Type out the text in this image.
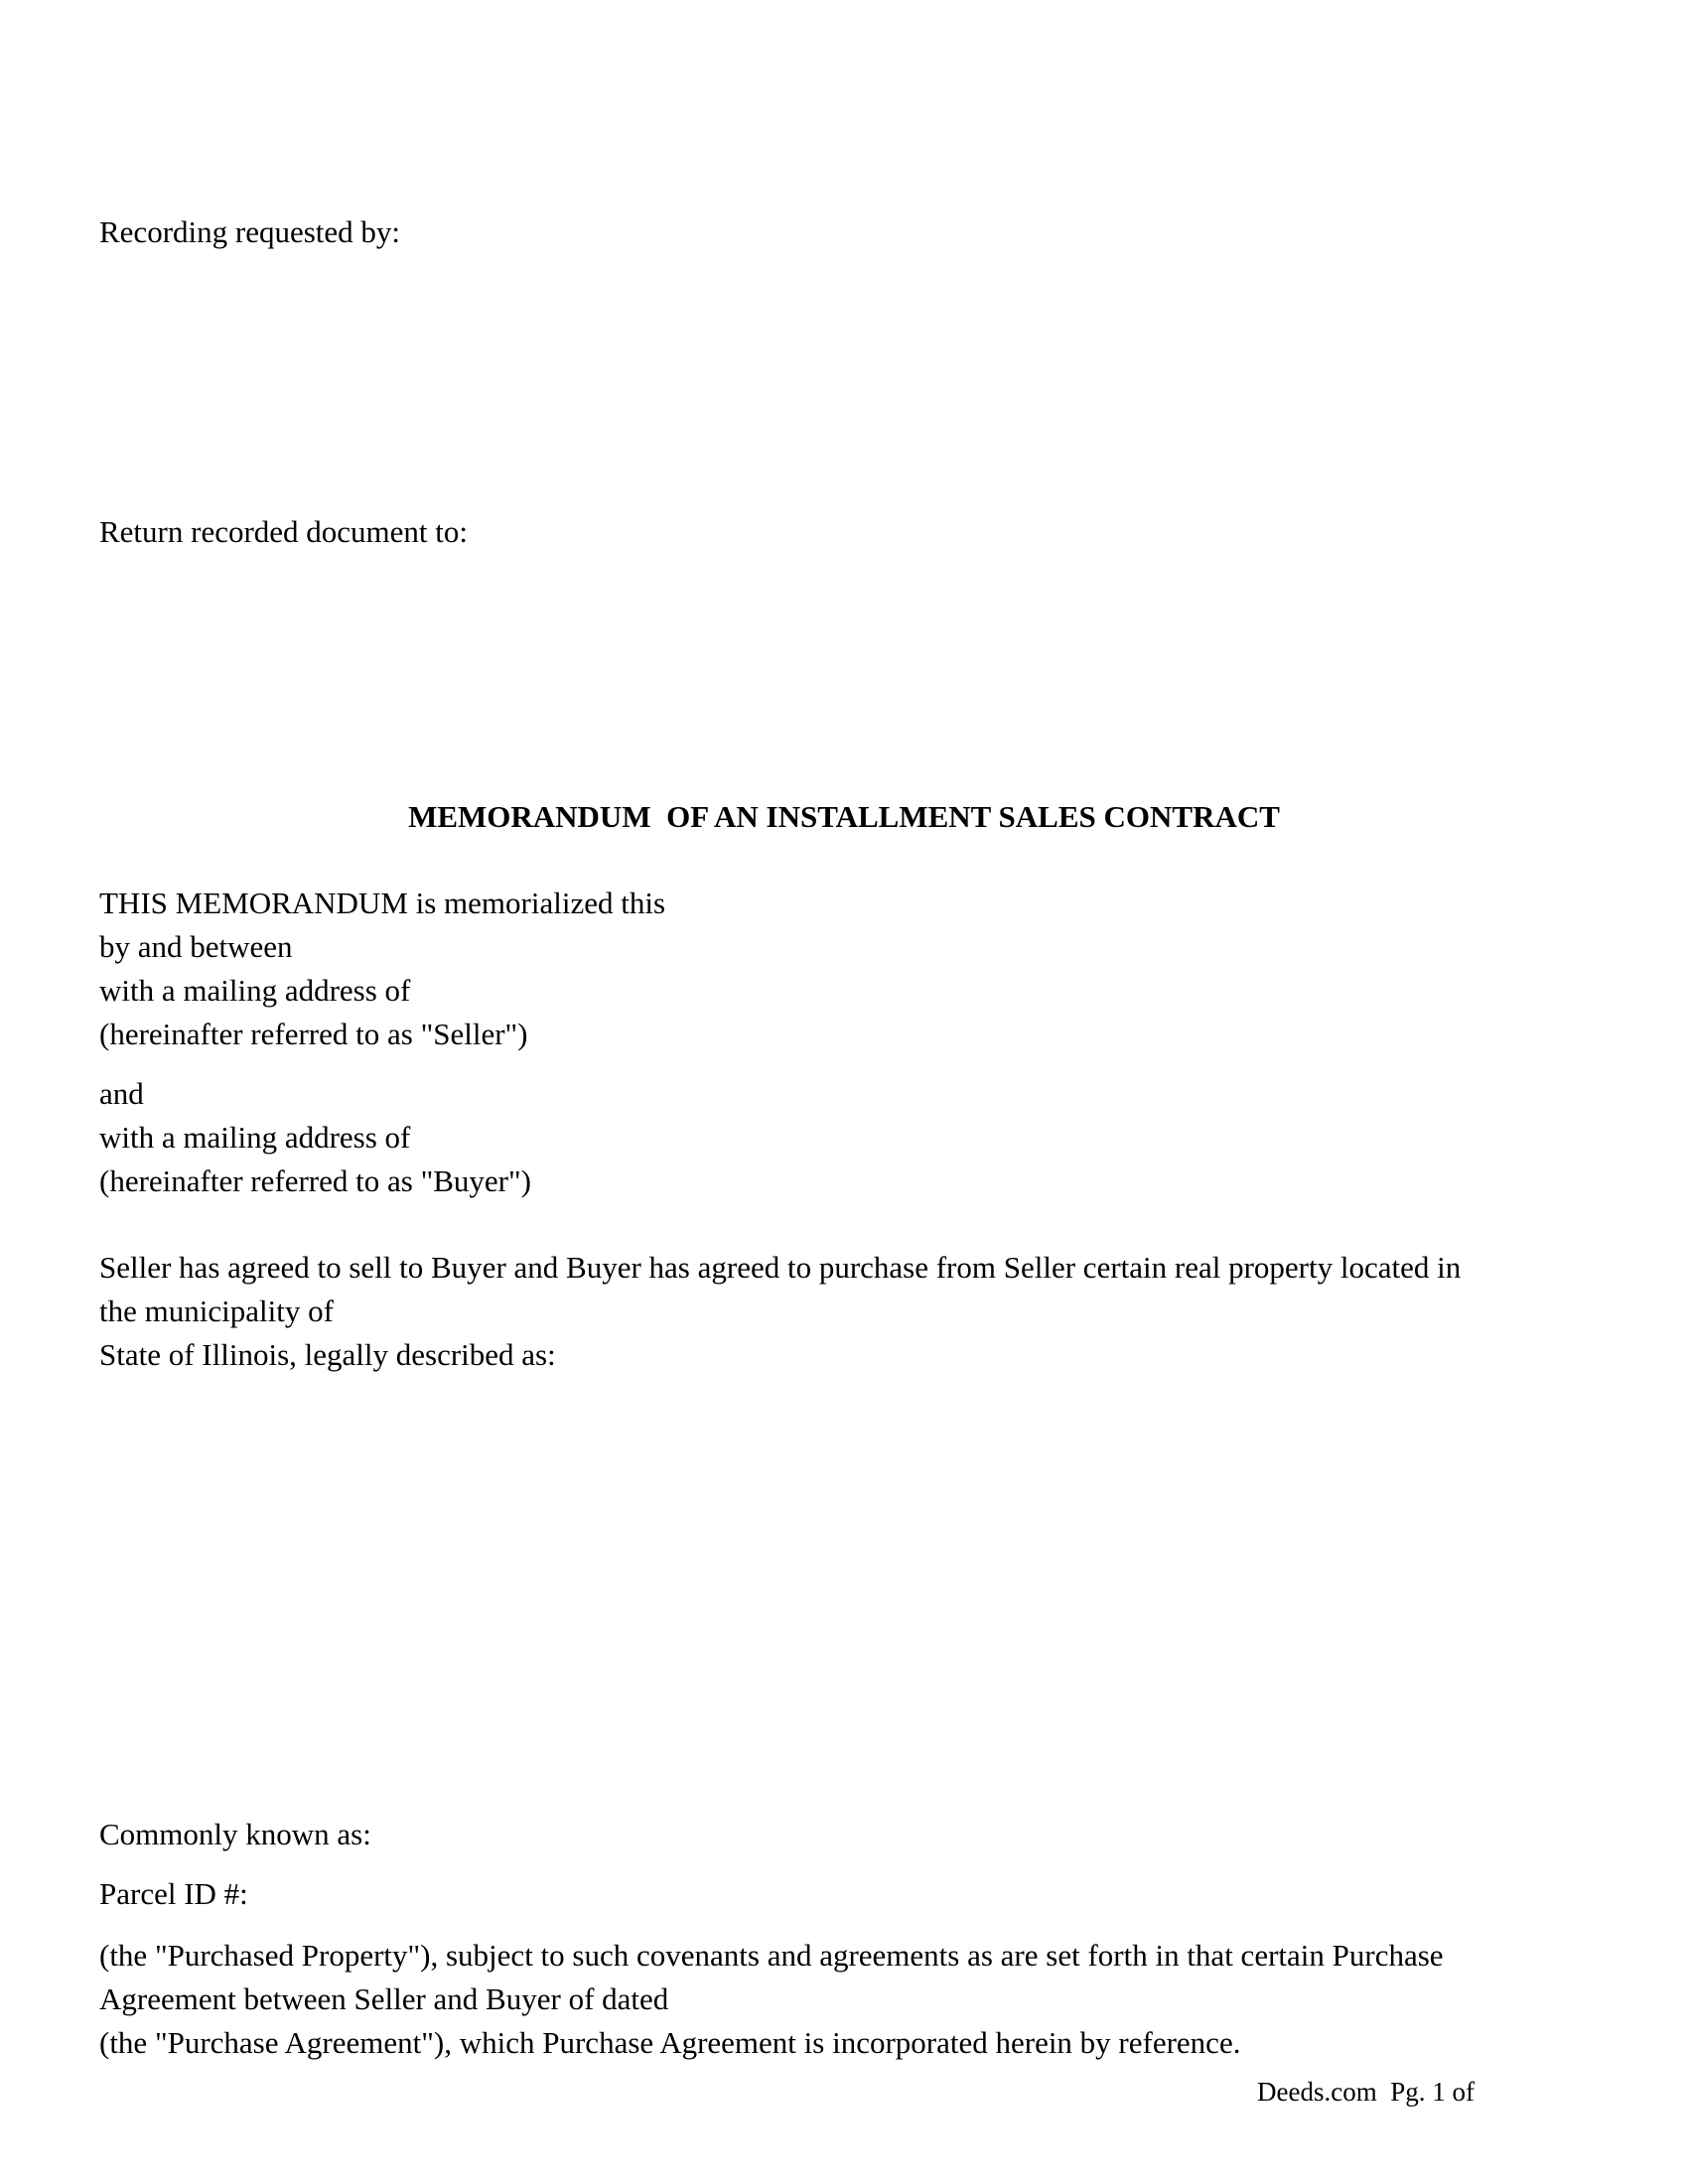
Recording requested by:

Return recorded document to:

MEMORANDUM  OF AN INSTALLMENT SALES CONTRACT

THIS MEMORANDUM is memorialized this

by and between

with a mailing address of

(hereinafter referred to as "Seller")

and

with a mailing address of

(hereinafter referred to as "Buyer")

Seller has agreed to sell to Buyer and Buyer has agreed to purchase from Seller certain real property located in

the municipality of

State of Illinois, legally described as:

Commonly known as:

Parcel ID #:

(the "Purchased Property"), subject to such covenants and agreements as are set forth in that certain Purchase

Agreement between Seller and Buyer of dated

(the "Purchase Agreement"), which Purchase Agreement is incorporated herein by reference.

Deeds.com  Pg. 1 of
